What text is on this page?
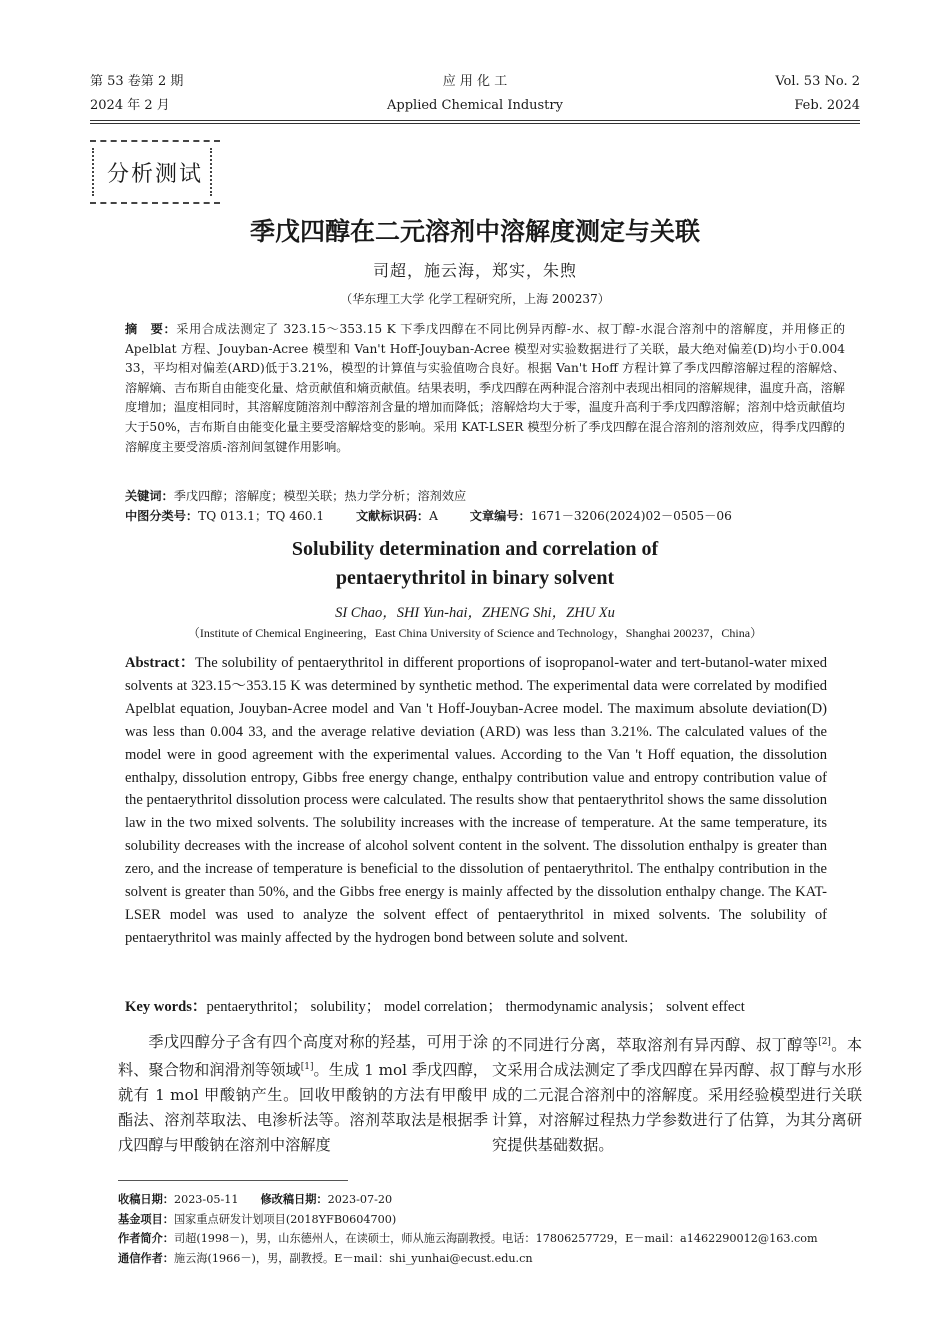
第 53 卷第 2 期
2024 年 2 月
应 用 化 工
Applied Chemical Industry
Vol. 53 No. 2
Feb. 2024
分析测试
季戊四醇在二元溶剂中溶解度测定与关联
司超，施云海，郑实，朱煦
（华东理工大学 化学工程研究所，上海 200237）
摘　要：采用合成法测定了 323.15～353.15 K 下季戊四醇在不同比例异丙醇-水、叔丁醇-水混合溶剂中的溶解度，并用修正的 Apelblat 方程、Jouyban-Acree 模型和 Van't Hoff-Jouyban-Acree 模型对实验数据进行了关联，最大绝对偏差(D)均小于0.004 33，平均相对偏差(ARD)低于3.21%，模型的计算值与实验值吻合良好。根据 Van't Hoff 方程计算了季戊四醇溶解过程的溶解焓、溶解熵、吉布斯自由能变化量、焓贡献值和熵贡献值。结果表明，季戊四醇在两种混合溶剂中表现出相同的溶解规律，温度升高，溶解度增加；温度相同时，其溶解度随溶剂中醇溶剂含量的增加而降低；溶解焓均大于零，温度升高利于季戊四醇溶解；溶剂中焓贡献值均大于50%，吉布斯自由能变化量主要受溶解焓变的影响。采用 KAT-LSER 模型分析了季戊四醇在混合溶剂的溶剂效应，得季戊四醇的溶解度主要受溶质-溶剂间氢键作用影响。
关键词：季戊四醇；溶解度；模型关联；热力学分析；溶剂效应
中图分类号：TQ 013.1；TQ 460.1	文献标识码：A	文章编号：1671－3206(2024)02－0505－06
Solubility determination and correlation of
pentaerythritol in binary solvent
SI Chao，SHI Yun-hai，ZHENG Shi，ZHU Xu
（Institute of Chemical Engineering，East China University of Science and Technology，Shanghai 200237，China）
Abstract：The solubility of pentaerythritol in different proportions of isopropanol-water and tert-butanol-water mixed solvents at 323.15～353.15 K was determined by synthetic method. The experimental data were correlated by modified Apelblat equation, Jouyban-Acree model and Van 't Hoff-Jouyban-Acree model. The maximum absolute deviation(D) was less than 0.004 33, and the average relative deviation (ARD) was less than 3.21%. The calculated values of the model were in good agreement with the experimental values. According to the Van 't Hoff equation, the dissolution enthalpy, dissolution entropy, Gibbs free energy change, enthalpy contribution value and entropy contribution value of the pentaerythritol dissolution process were calculated. The results show that pentaerythritol shows the same dissolution law in the two mixed solvents. The solubility increases with the increase of temperature. At the same temperature, its solubility decreases with the increase of alcohol solvent content in the solvent. The dissolution enthalpy is greater than zero, and the increase of temperature is beneficial to the dissolution of pentaerythritol. The enthalpy contribution in the solvent is greater than 50%, and the Gibbs free energy is mainly affected by the dissolution enthalpy change. The KAT-LSER model was used to analyze the solvent effect of pentaerythritol in mixed solvents. The solubility of pentaerythritol was mainly affected by the hydrogen bond between solute and solvent.
Key words：pentaerythritol； solubility； model correlation； thermodynamic analysis； solvent effect
季戊四醇分子含有四个高度对称的羟基，可用于涂料、聚合物和润滑剂等领域[1]。生成 1 mol 季戊四醇，就有 1 mol 甲酸钠产生。回收甲酸钠的方法有甲酸甲酯法、溶剂萃取法、电渗析法等。溶剂萃取法是根据季戊四醇与甲酸钠在溶剂中溶解度
的不同进行分离，萃取溶剂有异丙醇、叔丁醇等[2]。本文采用合成法测定了季戊四醇在异丙醇、叔丁醇与水形成的二元混合溶剂中的溶解度。采用经验模型进行关联计算，对溶解过程热力学参数进行了估算，为其分离研究提供基础数据。
收稿日期：2023-05-11 修改稿日期：2023-07-20
基金项目：国家重点研发计划项目(2018YFB0604700)
作者简介：司超(1998－)，男，山东德州人，在读硕士，师从施云海副教授。电话：17806257729，E－mail：a1462290012@163.com
通信作者：施云海(1966－)，男，副教授。E－mail：shi_yunhai@ecust.edu.cn
